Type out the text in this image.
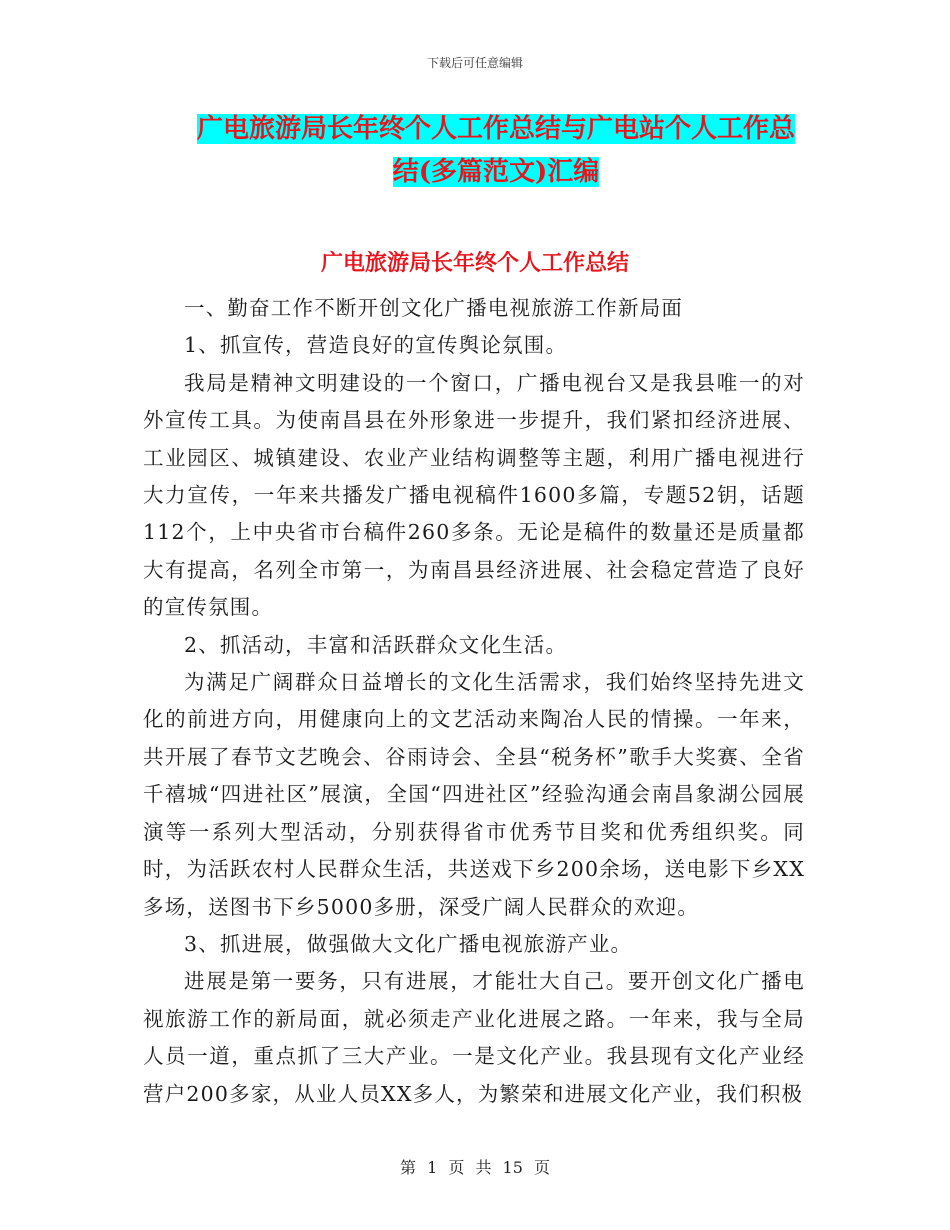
下载后可任意编辑
广电旅游局长年终个人工作总结与广电站个人工作总
结(多篇范文)汇编
广电旅游局长年终个人工作总结

一、勤奋工作不断开创文化广播电视旅游工作新局面

1、抓宣传，营造良好的宣传舆论氛围。

我局是精神文明建设的一个窗口，广播电视台又是我县唯一的对外宣传工具。为使南昌县在外形象进一步提升，我们紧扣经济进展、工业园区、城镇建设、农业产业结构调整等主题，利用广播电视进行大力宣传，一年来共播发广播电视稿件1600多篇，专题52钥，话题112个，上中央省市台稿件260多条。无论是稿件的数量还是质量都大有提高，名列全市第一，为南昌县经济进展、社会稳定营造了良好的宣传氛围。

2、抓活动，丰富和活跃群众文化生活。

为满足广阔群众日益增长的文化生活需求，我们始终坚持先进文化的前进方向，用健康向上的文艺活动来陶冶人民的情操。一年来，共开展了春节文艺晚会、谷雨诗会、全县“税务杯”歌手大奖赛、全省千禧城“四进社区”展演，全国“四进社区”经验沟通会南昌象湖公园展演等一系列大型活动，分别获得省市优秀节目奖和优秀组织奖。同时，为活跃农村人民群众生活，共送戏下乡200余场，送电影下乡XX多场，送图书下乡5000多册，深受广阔人民群众的欢迎。

3、抓进展，做强做大文化广播电视旅游产业。

进展是第一要务，只有进展，才能壮大自己。要开创文化广播电视旅游工作的新局面，就必须走产业化进展之路。一年来，我与全局人员一道，重点抓了三大产业。一是文化产业。我县现有文化产业经营户200多家，从业人员XX多人，为繁荣和进展文化产业，我们积极

第 1 页 共 15 页
